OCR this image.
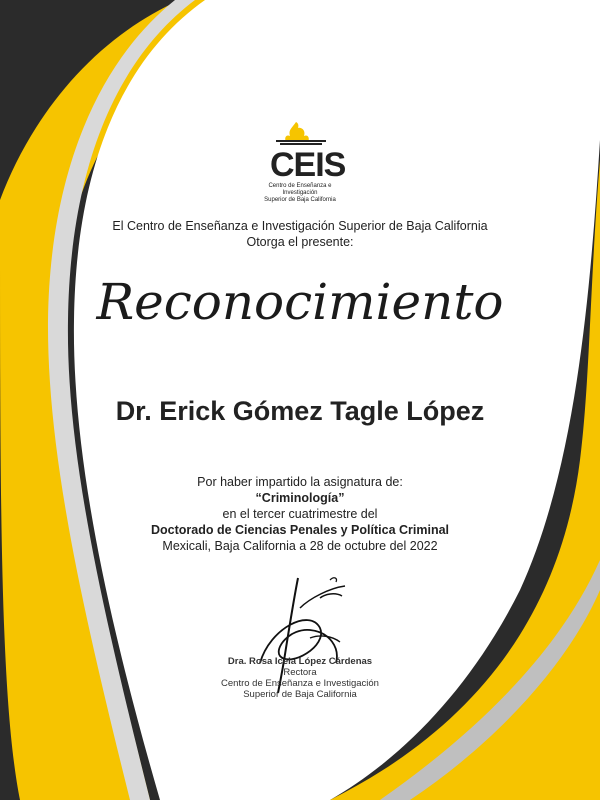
CEIS
Centro de Enseñanza e Investigación
Superior de Baja California
El Centro de Enseñanza e Investigación Superior de Baja California
Otorga el presente:
Reconocimiento
Dr. Erick Gómez Tagle López
Por haber impartido la asignatura de:
“Criminología”
en el tercer cuatrimestre del
Doctorado de Ciencias Penales y Política Criminal
Mexicali, Baja California a 28 de octubre del 2022
Dra. Rosa Icela López Cárdenas
Rectora
Centro de Enseñanza e Investigación
Superior de Baja California
